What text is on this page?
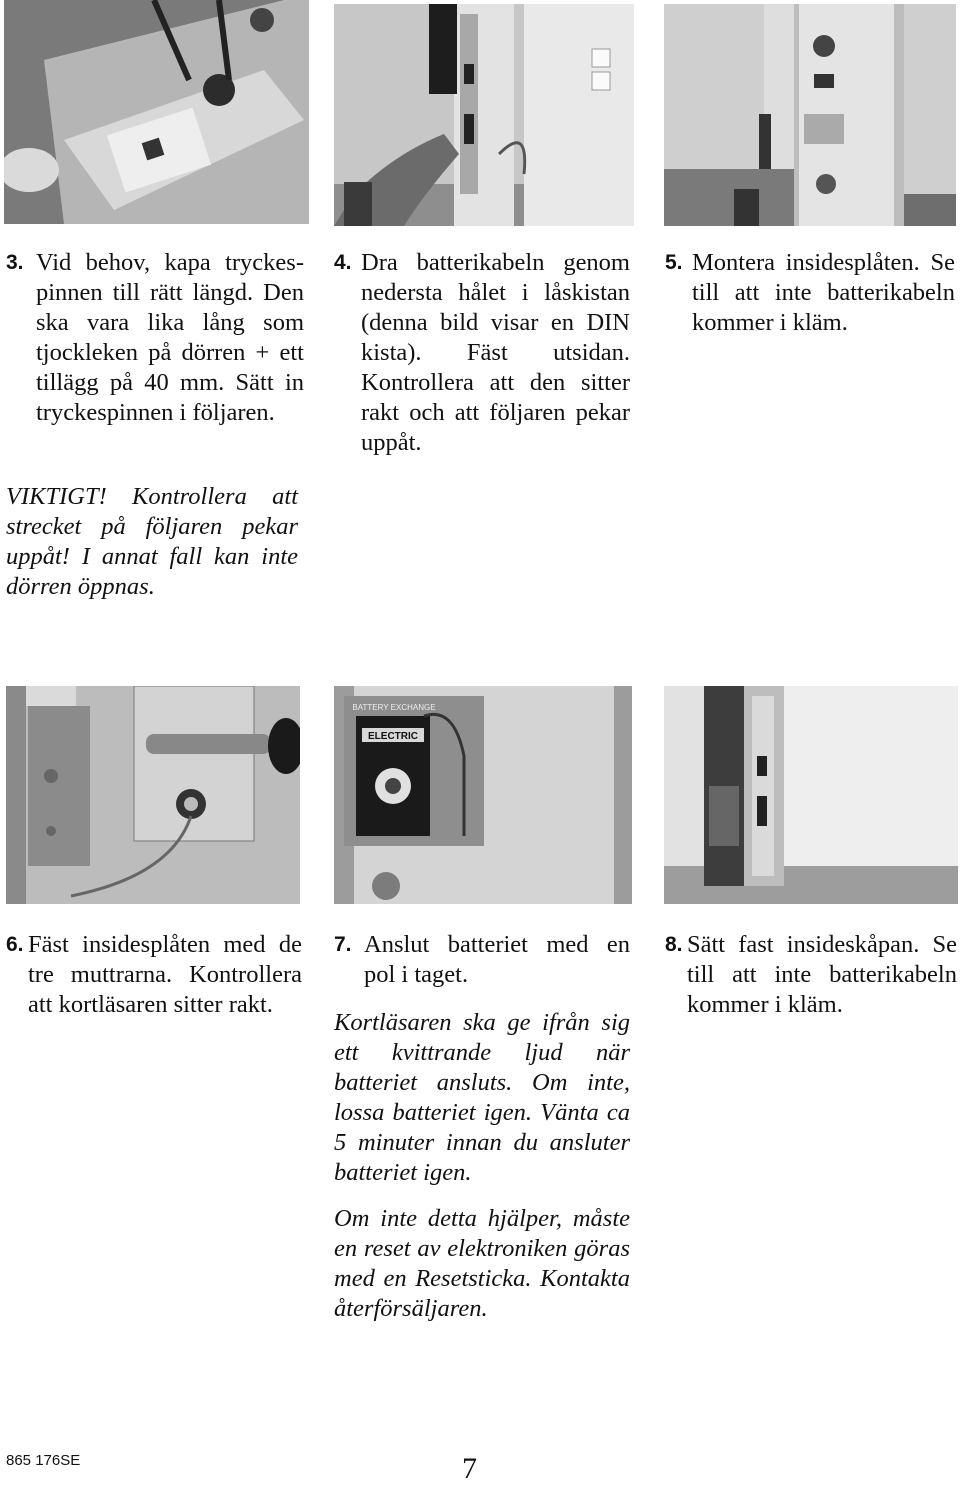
3. Vid behov, kapa tryckespinnen till rätt längd. Den ska vara lika lång som tjockleken på dörren + ett tillägg på 40 mm. Sätt in tryckespinnen i följaren.
VIKTIGT! Kontrollera att strecket på följaren pekar uppåt! I annat fall kan inte dörren öppnas.
4. Dra batterikabeln genom nedersta hålet i låskistan (denna bild visar en DIN kista). Fäst utsidan. Kontrollera att den sitter rakt och att följaren pekar uppåt.
5. Montera insidesplåten. Se till att inte batterikabeln kommer i kläm.
ELECTRIC
BATTERY EXCHANGE
6. Fäst insidesplåten med de tre muttrarna. Kontrollera att kortläsaren sitter rakt.
7. Anslut batteriet med en pol i taget.
Kortläsaren ska ge ifrån sig ett kvittrande ljud när batteriet ansluts. Om inte, lossa batteriet igen. Vänta ca 5 minuter innan du ansluter batteriet igen.
Om inte detta hjälper, måste en reset av elektroniken göras med en Resetsticka. Kontakta återförsäljaren.
8. Sätt fast insideskåpan. Se till att inte batterikabeln kommer i kläm.
865 176SE	7
